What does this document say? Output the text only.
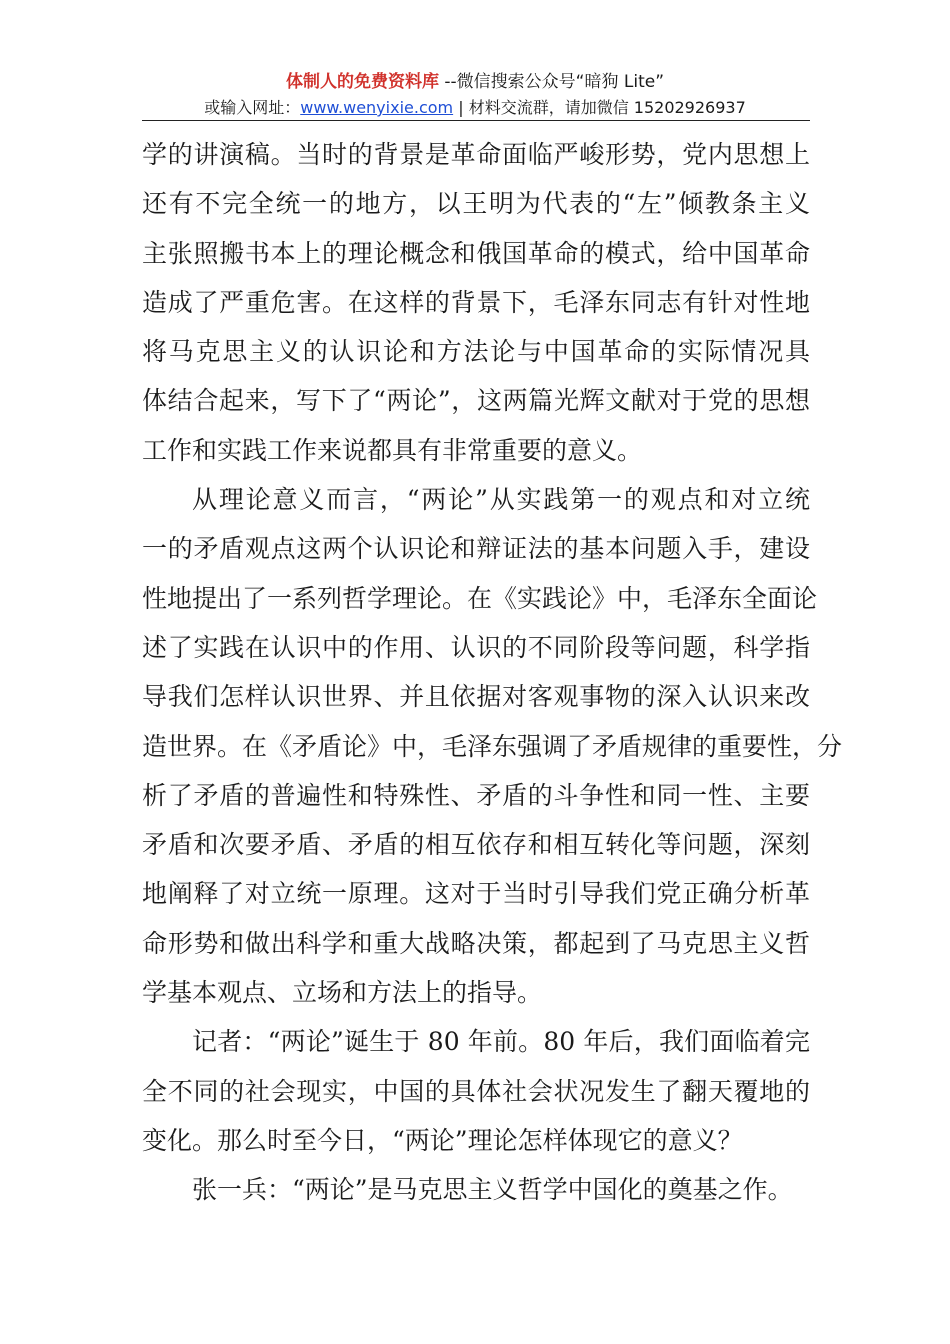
体制人的免费资料库 --微信搜索公众号“暗狗 Lite”
或输入网址：www.wenyixie.com | 材料交流群，请加微信 15202926937

学的讲演稿。当时的背景是革命面临严峻形势，党内思想上
还有不完全统一的地方，以王明为代表的“左”倾教条主义
主张照搬书本上的理论概念和俄国革命的模式，给中国革命
造成了严重危害。在这样的背景下，毛泽东同志有针对性地
将马克思主义的认识论和方法论与中国革命的实际情况具
体结合起来，写下了“两论”，这两篇光辉文献对于党的思想
工作和实践工作来说都具有非常重要的意义。

从理论意义而言，“两论”从实践第一的观点和对立统
一的矛盾观点这两个认识论和辩证法的基本问题入手，建设
性地提出了一系列哲学理论。在《实践论》中，毛泽东全面论
述了实践在认识中的作用、认识的不同阶段等问题，科学指
导我们怎样认识世界、并且依据对客观事物的深入认识来改
造世界。在《矛盾论》中，毛泽东强调了矛盾规律的重要性，分
析了矛盾的普遍性和特殊性、矛盾的斗争性和同一性、主要
矛盾和次要矛盾、矛盾的相互依存和相互转化等问题，深刻
地阐释了对立统一原理。这对于当时引导我们党正确分析革
命形势和做出科学和重大战略决策，都起到了马克思主义哲
学基本观点、立场和方法上的指导。

记者：“两论”诞生于 80 年前。80 年后，我们面临着完
全不同的社会现实，中国的具体社会状况发生了翻天覆地的
变化。那么时至今日，“两论”理论怎样体现它的意义？

张一兵：“两论”是马克思主义哲学中国化的奠基之作。
